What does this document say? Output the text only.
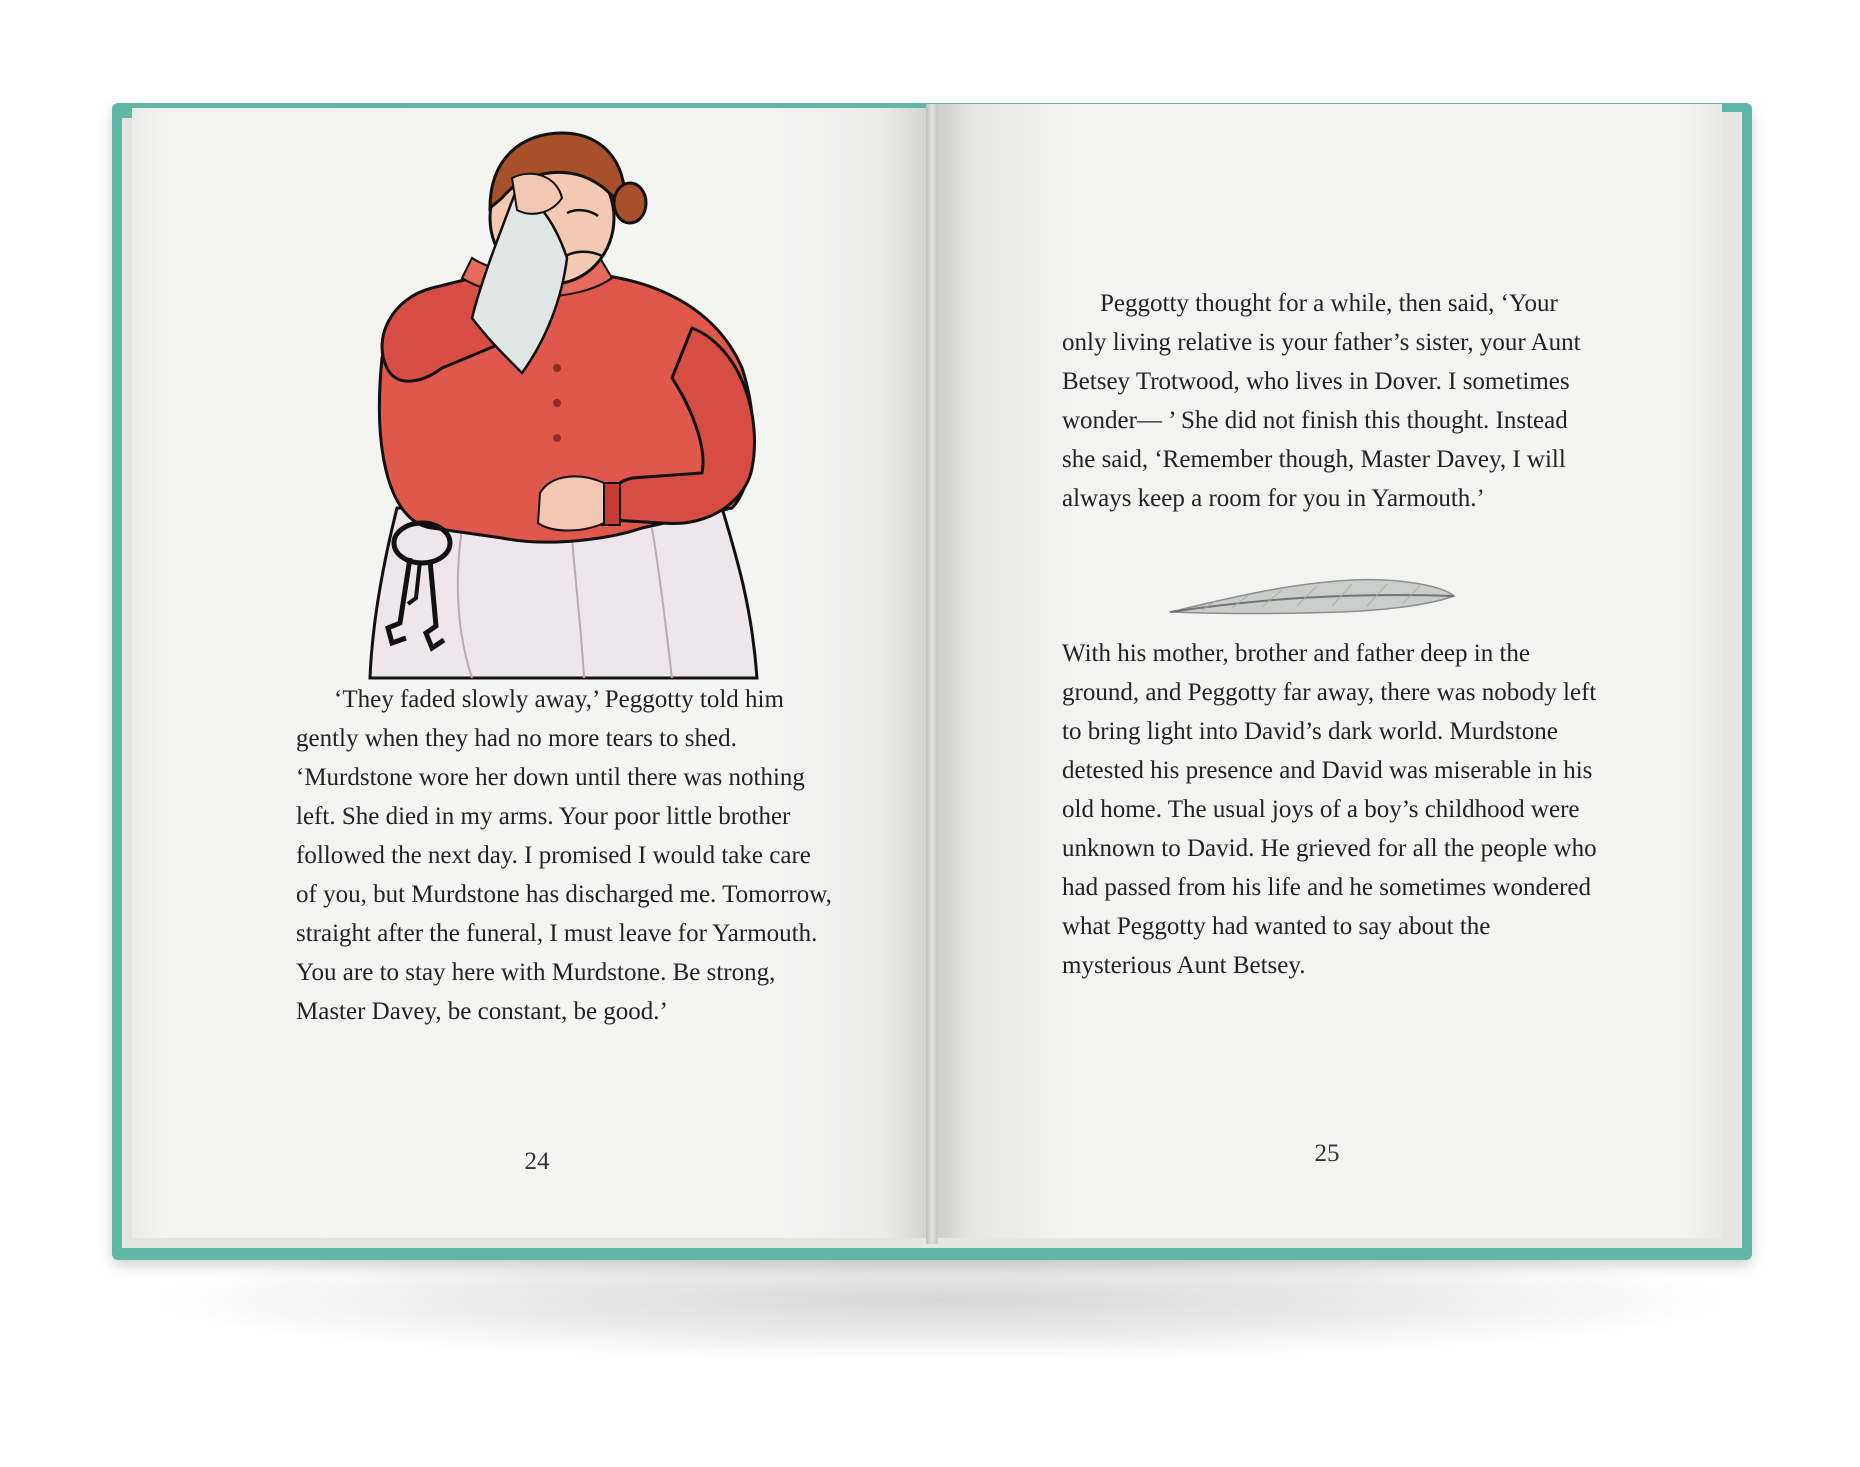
‘They faded slowly away,’ Peggotty told him gently when they had no more tears to shed. ‘Murdstone wore her down until there was nothing left. She died in my arms. Your poor little brother followed the next day. I promised I would take care of you, but Murdstone has discharged me. Tomorrow, straight after the funeral, I must leave for Yarmouth. You are to stay here with Murdstone. Be strong, Master Davey, be constant, be good.’

24

Peggotty thought for a while, then said, ‘Your only living relative is your father’s sister, your Aunt Betsey Trotwood, who lives in Dover. I sometimes wonder— ’ She did not finish this thought. Instead she said, ‘Remember though, Master Davey, I will always keep a room for you in Yarmouth.’

With his mother, brother and father deep in the ground, and Peggotty far away, there was nobody left to bring light into David’s dark world. Murdstone detested his presence and David was miserable in his old home. The usual joys of a boy’s childhood were unknown to David. He grieved for all the people who had passed from his life and he sometimes wondered what Peggotty had wanted to say about the mysterious Aunt Betsey.

25
